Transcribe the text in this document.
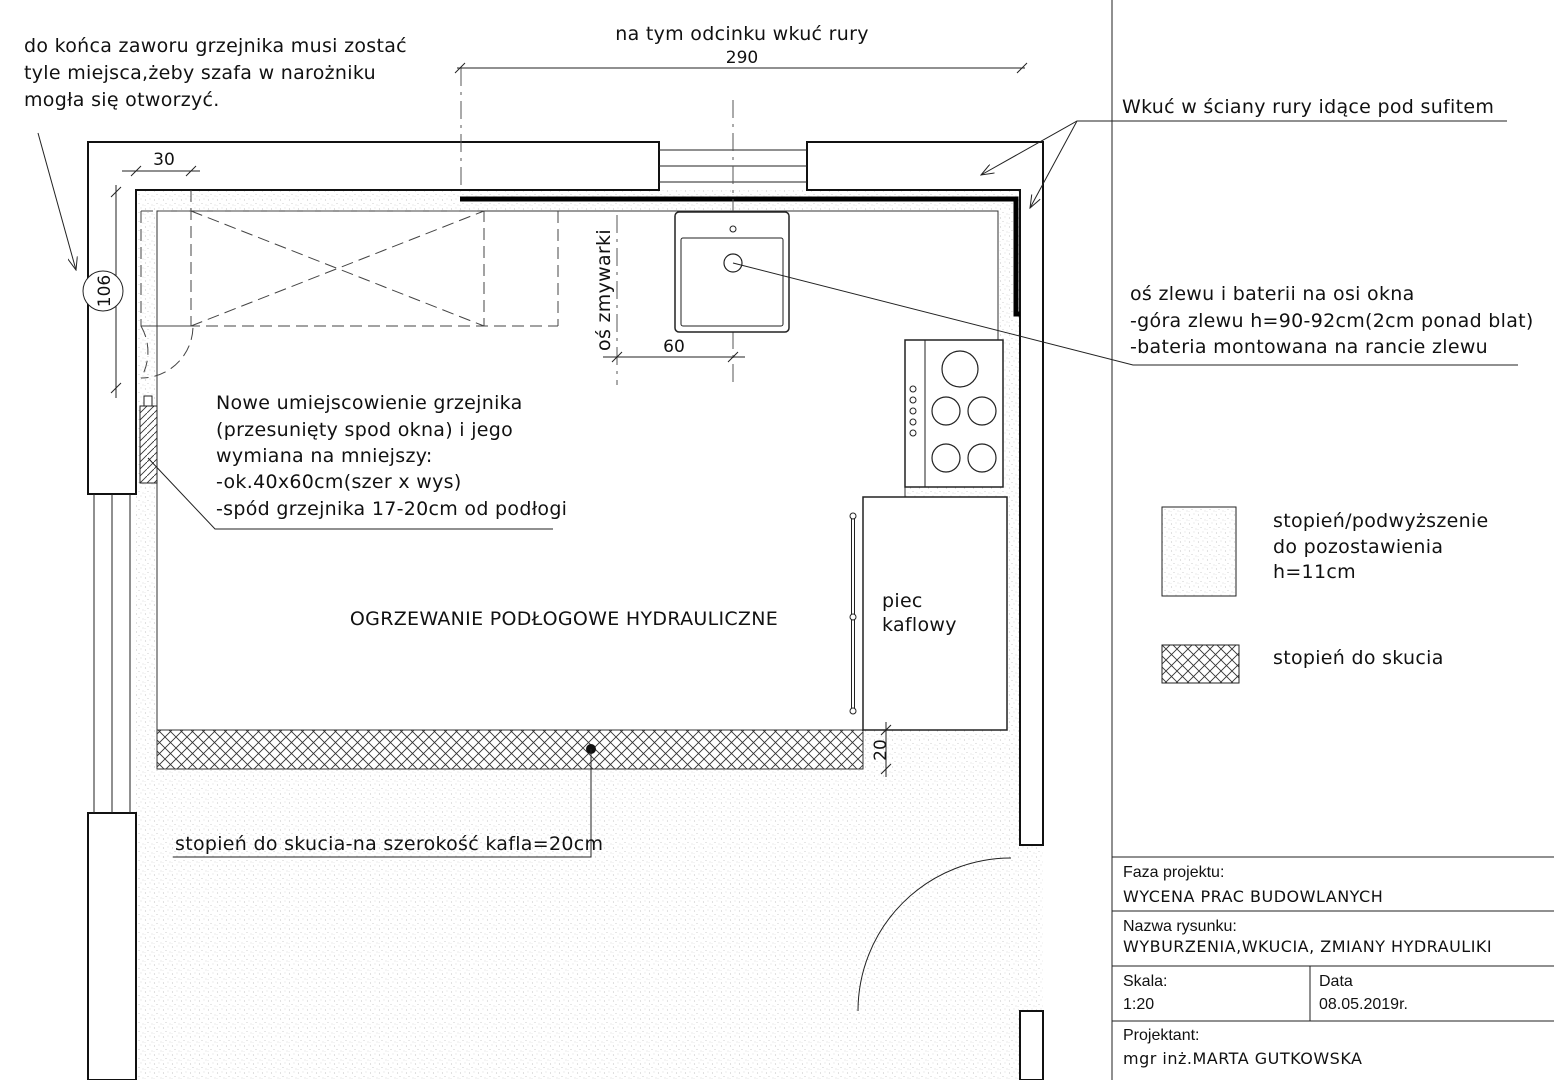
do końca zaworu grzejnika musi zostać
tyle miejsca,żeby szafa w narożniku
mogła się otworzyć.
na tym odcinku wkuć rury
290
Wkuć w ściany rury idące pod sufitem
30
106
60
20
oś zmywarki	oś zlewu i baterii na osi okna
-góra zlewu h=90-92cm(2cm ponad blat)
-bateria montowana na rancie zlewu
Nowe umiejscowienie grzejnika
(przesunięty spod okna) i jego
wymiana na mniejszy:
-ok.40x60cm(szer x wys)
-spód grzejnika 17-20cm od podłogi
OGRZEWANIE PODŁOGOWE HYDRAULICZNE
piec
kaflowy
stopień do skucia-na szerokość kafla=20cm
stopień/podwyższenie
do pozostawienia
h=11cm
stopień do skucia
Faza projektu:
WYCENA PRAC BUDOWLANYCH
Nazwa rysunku:
WYBURZENIA,WKUCIA, ZMIANY HYDRAULIKI
Skala:
1:20
Data
08.05.2019r.
Projektant:
mgr inż.MARTA GUTKOWSKA
